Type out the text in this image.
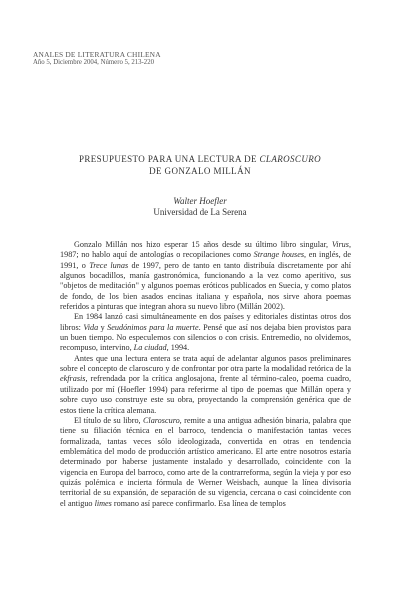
ANALES DE LITERATURA CHILENA
Año 5, Diciembre 2004, Número 5, 213-220
PRESUPUESTO PARA UNA LECTURA DE CLAROSCURO
DE GONZALO MILLÁN
Walter Hoefler
Universidad de La Serena

Gonzalo Millán nos hizo esperar 15 años desde su último libro singular, Virus, 1987; no hablo aquí de antologías o recopilaciones como Strange houses, en inglés, de 1991, o Trece lunas de 1997, pero de tanto en tanto distribuía discretamente por ahí algunos bocadillos, manía gastronómica, funcionando a la vez como aperitivo, sus "objetos de meditación" y algunos poemas eróticos publicados en Suecia, y como platos de fondo, de los bien asados encinas italiana y española, nos sirve ahora poemas referidos a pinturas que integran ahora su nuevo libro (Millán 2002).

En 1984 lanzó casi simultáneamente en dos países y editoriales distintas otros dos libros: Vida y Seudónimos para la muerte. Pensé que así nos dejaba bien provistos para un buen tiempo. No especulemos con silencios o con crisis. Entremedio, no olvidemos, recompuso, intervino, La ciudad, 1994.

Antes que una lectura entera se trata aquí de adelantar algunos pasos preliminares sobre el concepto de claroscuro y de confrontar por otra parte la modalidad retórica de la ekfrasis, refrendada por la crítica anglosajona, frente al término-caleo, poema cuadro, utilizado por mí (Hoefler 1994) para referirme al tipo de poemas que Millán opera y sobre cuyo uso construye este su obra, proyectando la comprensión genérica que de estos tiene la crítica alemana.

El título de su libro, Claroscuro, remite a una antigua adhesión binaria, palabra que tiene su filiación técnica en el barroco, tendencia o manifestación tantas veces formalizada, tantas veces sólo ideologizada, convertida en otras en tendencia emblemática del modo de producción artístico americano. El arte entre nosotros estaría determinado por haberse justamente instalado y desarrollado, coincidente con la vigencia en Europa del barroco, como arte de la contrarreforma, según la vieja y por eso quizás polémica e incierta fórmula de Werner Weisbach, aunque la línea divisoria territorial de su expansión, de separación de su vigencia, cercana o casi coincidente con el antiguo limes romano así parece confirmarlo. Esa línea de templos
